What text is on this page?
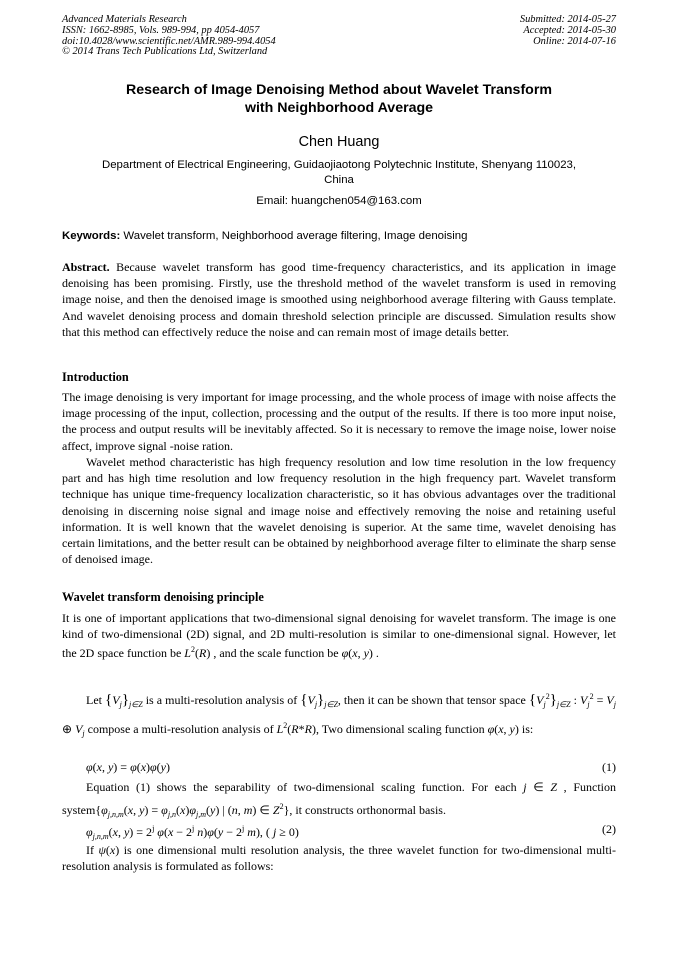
Advanced Materials Research
ISSN: 1662-8985, Vols. 989-994, pp 4054-4057
doi:10.4028/www.scientific.net/AMR.989-994.4054
© 2014 Trans Tech Publications Ltd, Switzerland
Submitted: 2014-05-27
Accepted: 2014-05-30
Online: 2014-07-16
Research of Image Denoising Method about Wavelet Transform
with Neighborhood Average
Chen Huang
Department of Electrical Engineering, Guidaojiaotong Polytechnic Institute, Shenyang 110023,
China
Email: huangchen054@163.com
Keywords: Wavelet transform, Neighborhood average filtering, Image denoising

Abstract. Because wavelet transform has good time-frequency characteristics, and its application in image denoising has been promising. Firstly, use the threshold method of the wavelet transform is used in removing image noise, and then the denoised image is smoothed using neighborhood average filtering with Gauss template. And wavelet denoising process and domain threshold selection principle are discussed. Simulation results show that this method can effectively reduce the noise and can remain most of image details better.

Introduction

The image denoising is very important for image processing, and the whole process of image with noise affects the image processing of the input, collection, processing and the output of the results. If there is too more input noise, the process and output results will be inevitably affected. So it is necessary to remove the image noise, lower noise affect, improve signal -noise ration.

Wavelet method characteristic has high frequency resolution and low time resolution in the low frequency part and has high time resolution and low frequency resolution in the high frequency part. Wavelet transform technique has unique time-frequency localization characteristic, so it has obvious advantages over the traditional denoising in discerning noise signal and image noise and effectively removing the noise and retaining useful information. It is well known that the wavelet denoising is superior. At the same time, wavelet denoising has certain limitations, and the better result can be obtained by neighborhood average filter to eliminate the sharp sense of denoised image.

Wavelet transform denoising principle

It is one of important applications that two-dimensional signal denoising for wavelet transform. The image is one kind of two-dimensional (2D) signal, and 2D multi-resolution is similar to one-dimensional signal. However, let the 2D space function be $L^2(R)$ , and the scale function be φ(x, y) .

Let $\{V_j\}_{j\in Z}$ is a multi-resolution analysis of $\{V_j\}_{j\in Z}$, then it can be shown that tensor space $\{V_j^2\}_{j\in Z}$ : $V_j^2 = V_j$ ⊕ $V_j$ compose a multi-resolution analysis of $L^2(R*R)$, Two dimensional scaling function φ(x, y) is:

φ(x, y) = φ(x)φ(y)	(1)

Equation (1) shows the separability of two-dimensional scaling function. For each j ∈ Z , Function $system\{\varphi_{j,n,m}(x$, $y) = \varphi_{j,n}(x)\varphi_{j,m}(y)$ | (n, m) ∈ $Z^2$}, it constructs orthonormal basis.

$\varphi_{j,n,m}(x$, $y) = 2^j$ $\varphi(x - 2^j$ $n)\varphi(y - 2^j$ m), ( j ≥ 0)	(2)

If ψ(x) is one dimensional multi resolution analysis, the three wavelet function for two-dimensional multi-resolution analysis is formulated as follows:
